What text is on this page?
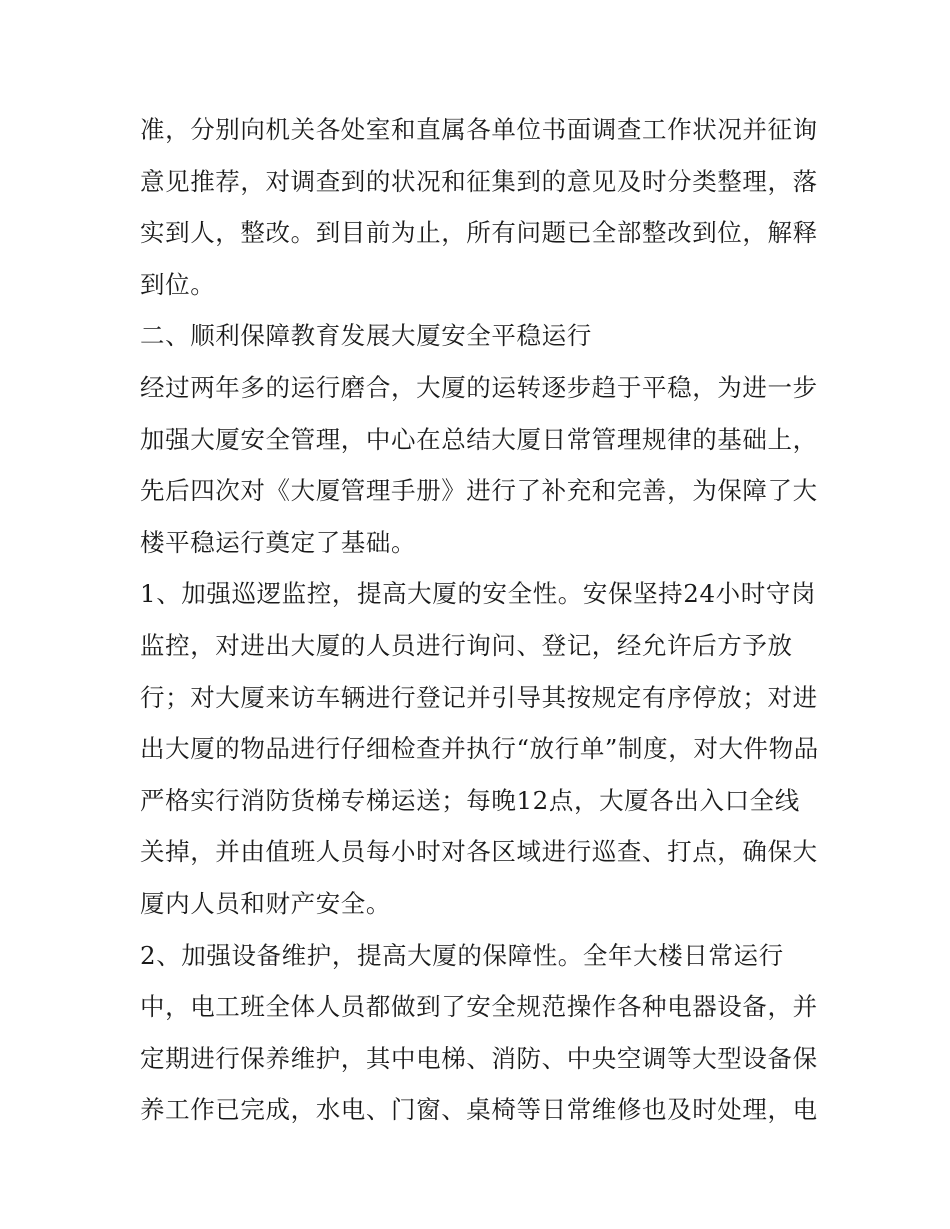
准，分别向机关各处室和直属各单位书面调查工作状况并征询
意见推荐，对调查到的状况和征集到的意见及时分类整理，落
实到人，整改。到目前为止，所有问题已全部整改到位，解释
到位。
二、顺利保障教育发展大厦安全平稳运行
经过两年多的运行磨合，大厦的运转逐步趋于平稳，为进一步
加强大厦安全管理，中心在总结大厦日常管理规律的基础上，
先后四次对《大厦管理手册》进行了补充和完善，为保障了大
楼平稳运行奠定了基础。
1、加强巡逻监控，提高大厦的安全性。安保坚持24小时守岗
监控，对进出大厦的人员进行询问、登记，经允许后方予放
行；对大厦来访车辆进行登记并引导其按规定有序停放；对进
出大厦的物品进行仔细检查并执行“放行单”制度，对大件物品
严格实行消防货梯专梯运送；每晚12点，大厦各出入口全线
关掉，并由值班人员每小时对各区域进行巡查、打点，确保大
厦内人员和财产安全。
2、加强设备维护，提高大厦的保障性。全年大楼日常运行
中，电工班全体人员都做到了安全规范操作各种电器设备，并
定期进行保养维护，其中电梯、消防、中央空调等大型设备保
养工作已完成，水电、门窗、桌椅等日常维修也及时处理，电
